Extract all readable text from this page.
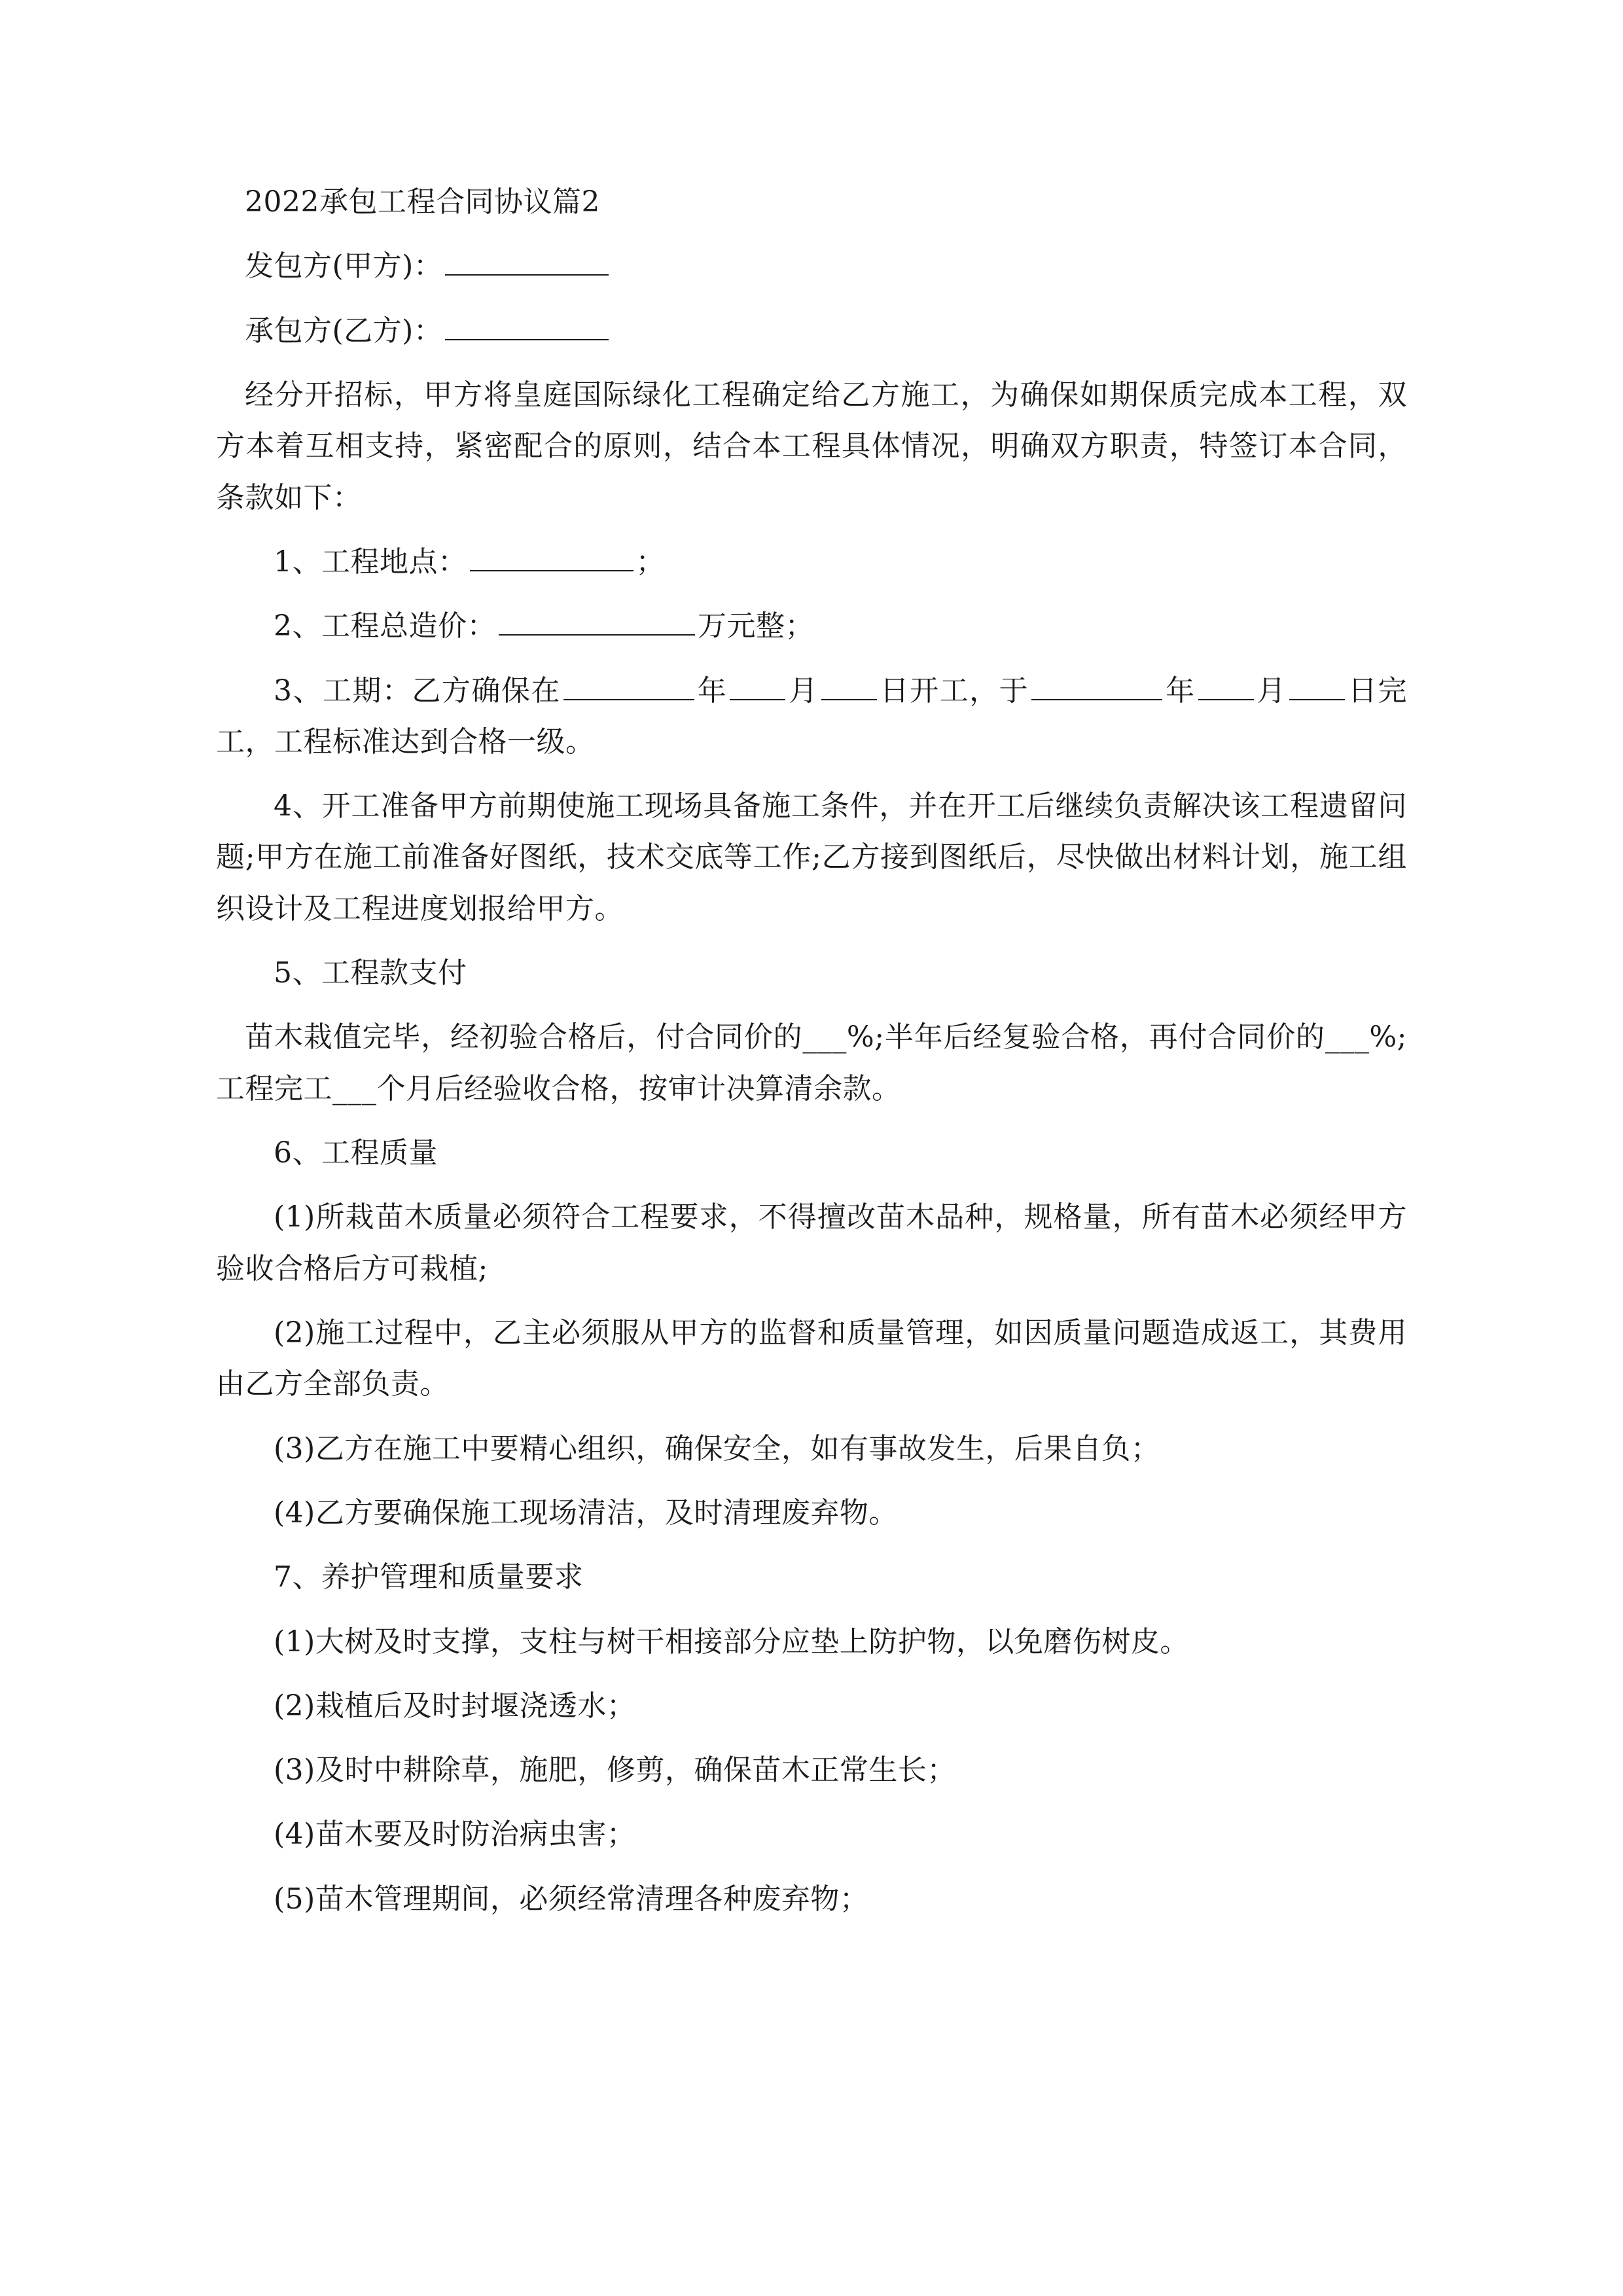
2022承包工程合同协议篇2

发包方(甲方)：

承包方(乙方)：

经分开招标，甲方将皇庭国际绿化工程确定给乙方施工，为确保如期保质完成本工程，双方本着互相支持，紧密配合的原则，结合本工程具体情况，明确双方职责，特签订本合同，条款如下：

1、工程地点：	；

2、工程总造价：	万元整；

3、工期：乙方确保在	年 月 日开工，于	年 月 日完工，工程标准达到合格一级。

4、开工准备甲方前期使施工现场具备施工条件，并在开工后继续负责解决该工程遗留问题;甲方在施工前准备好图纸，技术交底等工作;乙方接到图纸后，尽快做出材料计划，施工组织设计及工程进度划报给甲方。

5、工程款支付

苗木栽值完毕，经初验合格后，付合同价的___%;半年后经复验合格，再付合同价的___%;工程完工___个月后经验收合格，按审计决算清余款。

6、工程质量

(1)所栽苗木质量必须符合工程要求，不得擅改苗木品种，规格量，所有苗木必须经甲方验收合格后方可栽植;

(2)施工过程中，乙主必须服从甲方的监督和质量管理，如因质量问题造成返工，其费用由乙方全部负责。

(3)乙方在施工中要精心组织，确保安全，如有事故发生，后果自负；

(4)乙方要确保施工现场清洁，及时清理废弃物。

7、养护管理和质量要求

(1)大树及时支撑，支柱与树干相接部分应垫上防护物，以免磨伤树皮。

(2)栽植后及时封堰浇透水；

(3)及时中耕除草，施肥，修剪，确保苗木正常生长；

(4)苗木要及时防治病虫害；

(5)苗木管理期间，必须经常清理各种废弃物；
